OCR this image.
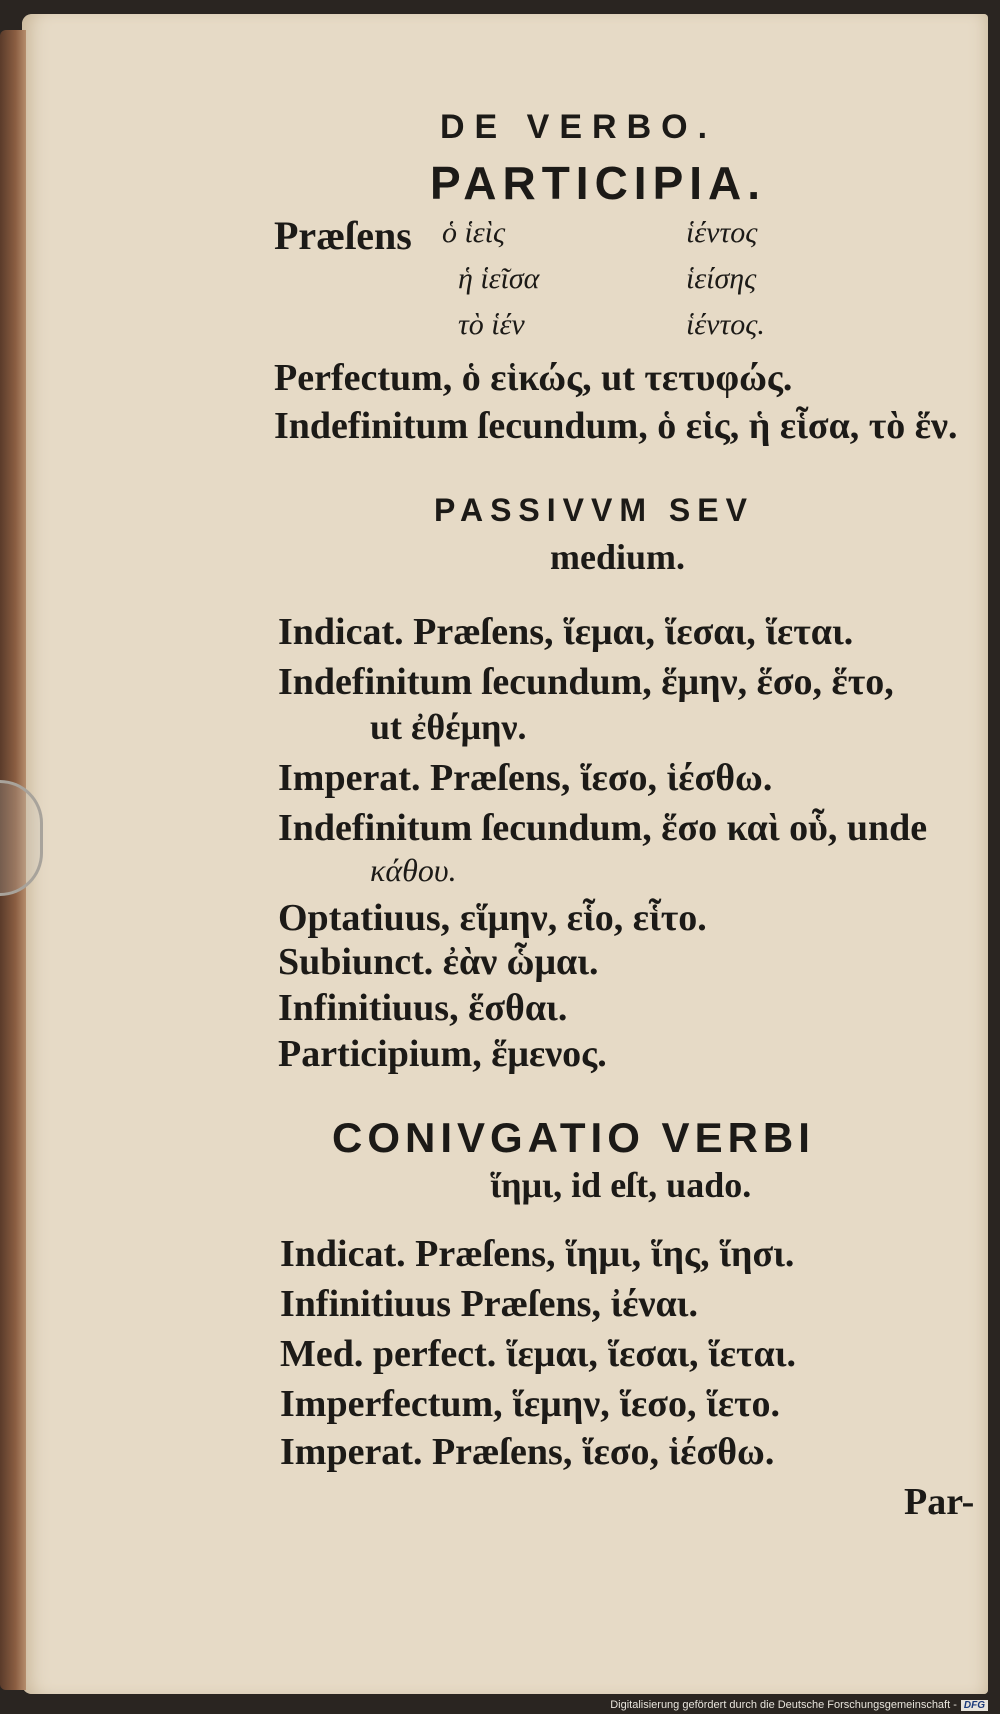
DE VERBO.
PARTICIPIA.
Præſens ὁ ἱεὶς	ἱέντος
ἡ ἱεῖσα	ἱείσης
τὸ ἱέν	ἱέντος.
Perfectum, ὁ εἱκώς, ut τετυφώς.
Indefinitum ſecundum, ὁ εἱς, ἡ εἷσα, τὸ ἕν.
PASSIVVM SEV
medium.
Indicat. Præſens, ἵεμαι, ἵεσαι, ἵεται.
Indefinitum ſecundum, ἕμην, ἕσο, ἕτο,
ut ἐθέμην.
Imperat. Præſens, ἵεσο, ἱέσθω.
Indefinitum ſecundum, ἕσο καὶ οὗ, unde
κάθου.
Optatiuus, εἵμην, εἷο, εἷτο.
Subiunct. ἐὰν ὧμαι.
Infinitiuus, ἕσθαι.
Participium, ἕμενος.
CONIVGATIO VERBI
ἵημι, id eſt, uado.
Indicat. Præſens, ἵημι, ἵης, ἵησι.
Infinitiuus Præſens, ἰέναι.
Med. perfect. ἵεμαι, ἵεσαι, ἵεται.
Imperfectum, ἵεμην, ἵεσο, ἵετο.
Imperat. Præſens, ἵεσο, ἱέσθω.
Par-
Digitalisierung gefördert durch die Deutsche Forschungsgemeinschaft - DFG
